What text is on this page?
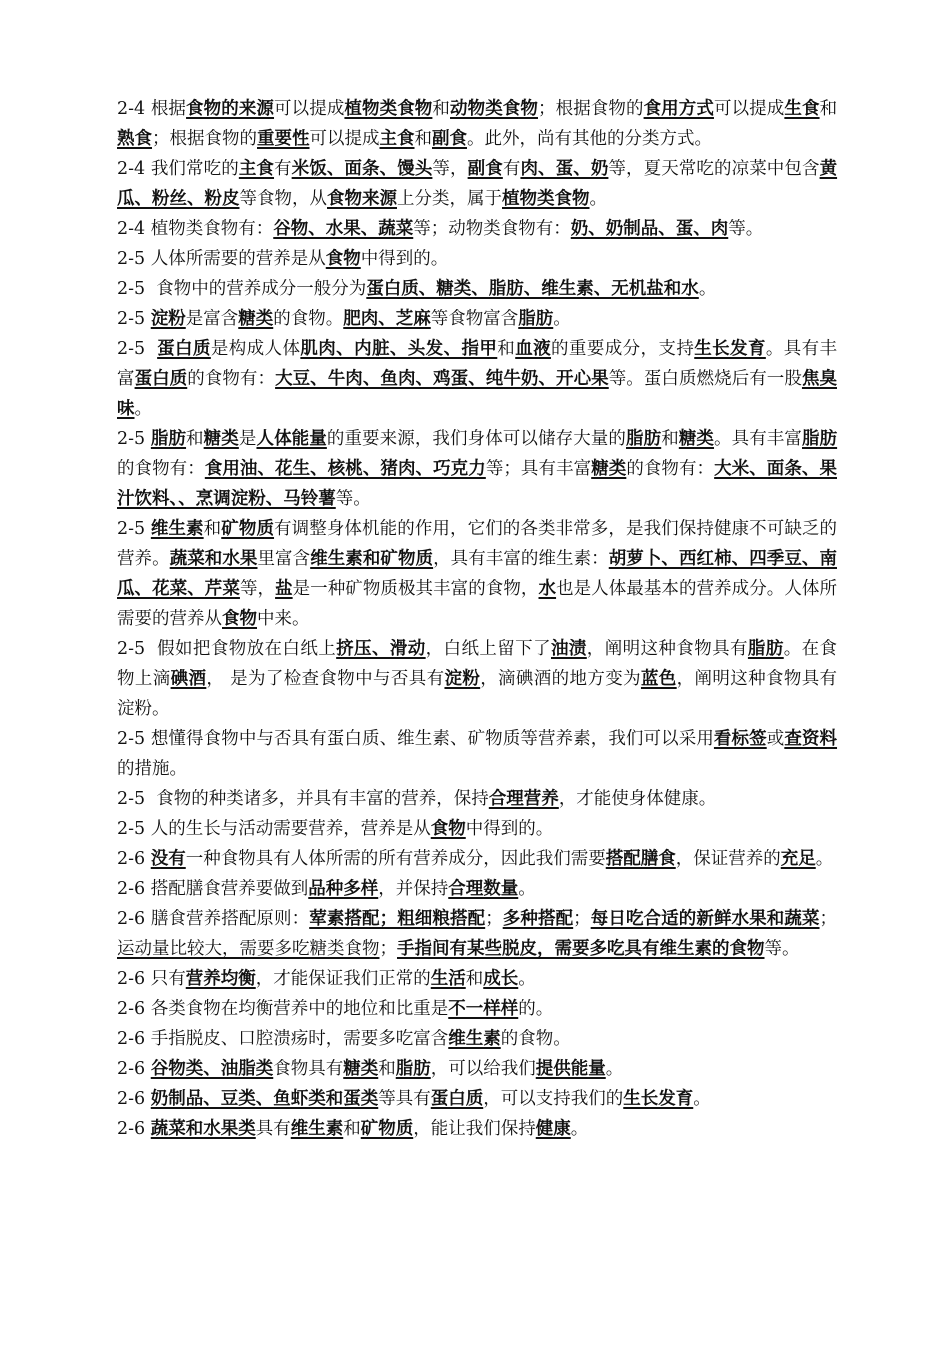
2-4 根据食物的来源可以提成植物类食物和动物类食物；根据食物的食用方式可以提成生食和熟食；根据食物的重要性可以提成主食和副食。此外，尚有其他的分类方式。

2-4 我们常吃的主食有米饭、面条、馒头等，副食有肉、蛋、奶等，夏天常吃的凉菜中包含黄瓜、粉丝、粉皮等食物，从食物来源上分类，属于植物类食物。

2-4 植物类食物有：谷物、水果、蔬菜等；动物类食物有：奶、奶制品、蛋、肉等。

2-5 人体所需要的营养是从食物中得到的。

2-5  食物中的营养成分一般分为蛋白质、糖类、脂肪、维生素、无机盐和水。

2-5 淀粉是富含糖类的食物。肥肉、芝麻等食物富含脂肪。

2-5  蛋白质是构成人体肌肉、内脏、头发、指甲和血液的重要成分，支持生长发育。具有丰富蛋白质的食物有：大豆、牛肉、鱼肉、鸡蛋、纯牛奶、开心果等。蛋白质燃烧后有一股焦臭味。

2-5 脂肪和糖类是人体能量的重要来源，我们身体可以储存大量的脂肪和糖类。具有丰富脂肪的食物有：食用油、花生、核桃、猪肉、巧克力等；具有丰富糖类的食物有：大米、面条、果汁饮料、、烹调淀粉、马铃薯等。

2-5 维生素和矿物质有调整身体机能的作用，它们的各类非常多，是我们保持健康不可缺乏的营养。蔬菜和水果里富含维生素和矿物质，具有丰富的维生素：胡萝卜、西红柿、四季豆、南瓜、花菜、芹菜等，盐是一种矿物质极其丰富的食物，水也是人体最基本的营养成分。人体所需要的营养从食物中来。

2-5  假如把食物放在白纸上挤压、滑动，白纸上留下了油渍，阐明这种食物具有脂肪。在食物上滴碘酒， 是为了检查食物中与否具有淀粉，滴碘酒的地方变为蓝色，阐明这种食物具有淀粉。

2-5 想懂得食物中与否具有蛋白质、维生素、矿物质等营养素，我们可以采用看标签或查资料的措施。

2-5  食物的种类诸多，并具有丰富的营养，保持合理营养，才能使身体健康。

2-5 人的生长与活动需要营养，营养是从食物中得到的。

2-6 没有一种食物具有人体所需的所有营养成分，因此我们需要搭配膳食，保证营养的充足。

2-6 搭配膳食营养要做到品种多样，并保持合理数量。

2-6 膳食营养搭配原则：荤素搭配；粗细粮搭配；多种搭配；每日吃合适的新鲜水果和蔬菜；运动量比较大，需要多吃糖类食物；手指间有某些脱皮，需要多吃具有维生素的食物等。

2-6 只有营养均衡，才能保证我们正常的生活和成长。

2-6 各类食物在均衡营养中的地位和比重是不一样样的。

2-6 手指脱皮、口腔溃疡时，需要多吃富含维生素的食物。

2-6 谷物类、油脂类食物具有糖类和脂肪，可以给我们提供能量。

2-6 奶制品、豆类、鱼虾类和蛋类等具有蛋白质，可以支持我们的生长发育。

2-6 蔬菜和水果类具有维生素和矿物质，能让我们保持健康。
